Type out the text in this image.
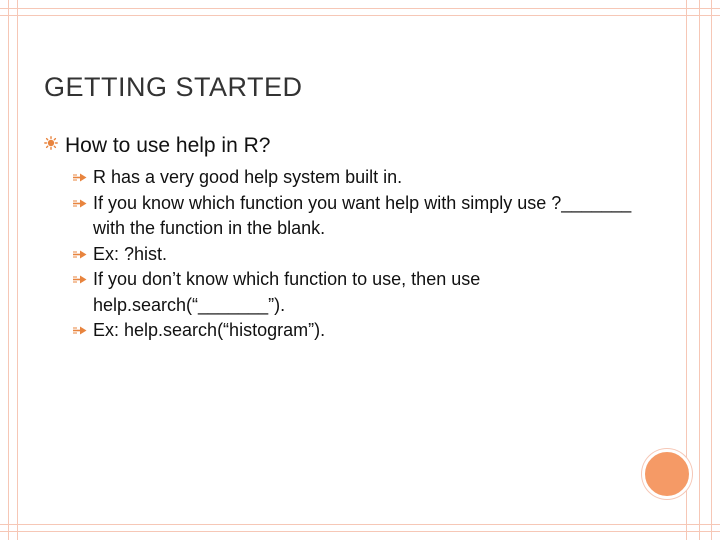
GETTING STARTED
How to use help in R?
R has a very good help system built in.
If you know which function you want help with simply use ?_______ with the function in the blank.
Ex: ?hist.
If you don’t know which function to use, then use help.search(“_______”).
Ex: help.search(“histogram”).
